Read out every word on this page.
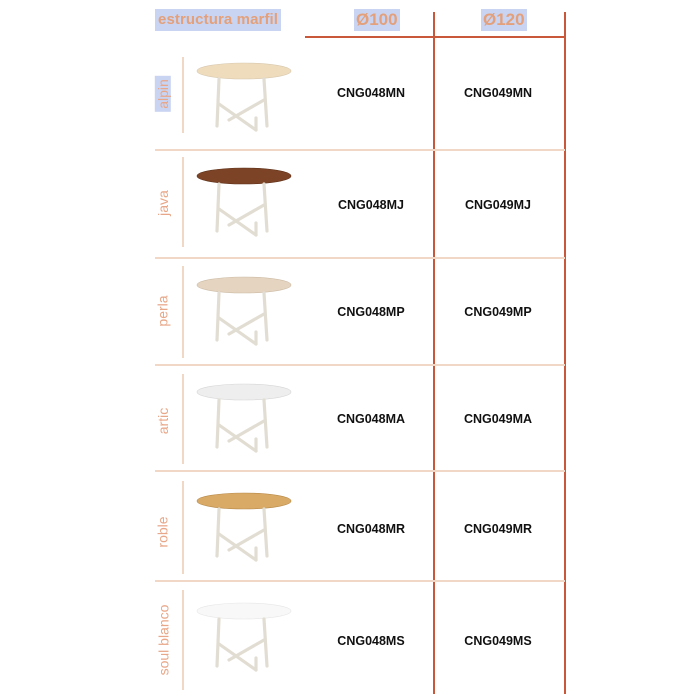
estructura marfil	Ø100	Ø120
alpin	CNG048MN	CNG049MN
java	CNG048MJ	CNG049MJ
perla	CNG048MP	CNG049MP
artic	CNG048MA	CNG049MA
roble	CNG048MR	CNG049MR
soul blanco	CNG048MS	CNG049MS
